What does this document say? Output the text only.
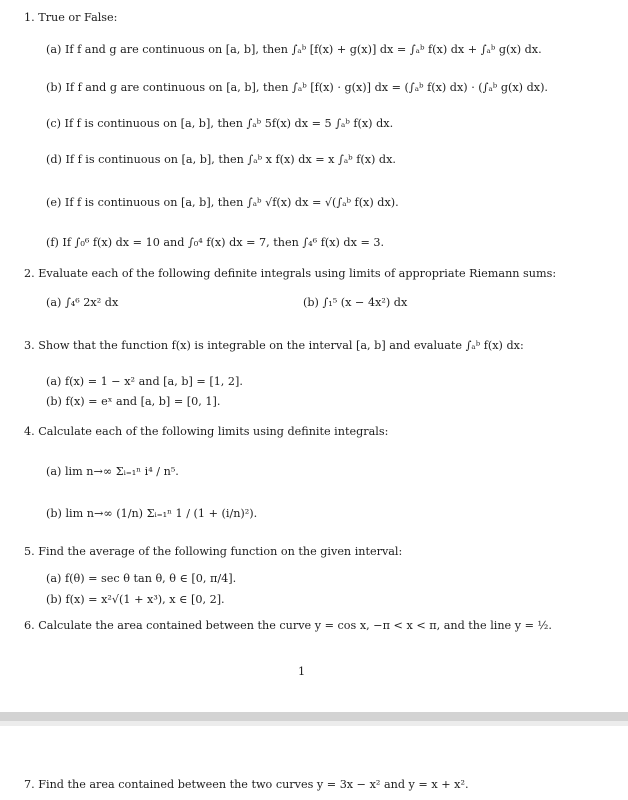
1. True or False:
(a) If f and g are continuous on [a, b], then ∫ₐᵇ [f(x) + g(x)] dx = ∫ₐᵇ f(x) dx + ∫ₐᵇ g(x) dx.
(b) If f and g are continuous on [a, b], then ∫ₐᵇ [f(x) · g(x)] dx = (∫ₐᵇ f(x) dx) · (∫ₐᵇ g(x) dx).
(c) If f is continuous on [a, b], then ∫ₐᵇ 5f(x) dx = 5 ∫ₐᵇ f(x) dx.
(d) If f is continuous on [a, b], then ∫ₐᵇ x f(x) dx = x ∫ₐᵇ f(x) dx.
(e) If f is continuous on [a, b], then ∫ₐᵇ √f(x) dx = √(∫ₐᵇ f(x) dx).
(f) If ∫₀⁶ f(x) dx = 10 and ∫₀⁴ f(x) dx = 7, then ∫₄⁶ f(x) dx = 3.
2. Evaluate each of the following definite integrals using limits of appropriate Riemann sums:
(a) ∫₄⁶ 2x² dx	(b) ∫₁⁵ (x − 4x²) dx
3. Show that the function f(x) is integrable on the interval [a, b] and evaluate ∫ₐᵇ f(x) dx:
(a) f(x) = 1 − x² and [a, b] = [1, 2].
(b) f(x) = eˣ and [a, b] = [0, 1].
4. Calculate each of the following limits using definite integrals:
(a) lim n→∞ Σᵢ₌₁ⁿ i⁴ / n⁵.
(b) lim n→∞ (1/n) Σᵢ₌₁ⁿ 1 / (1 + (i/n)²).
5. Find the average of the following function on the given interval:
(a) f(θ) = sec θ tan θ, θ ∈ [0, π/4].
(b) f(x) = x²√(1 + x³), x ∈ [0, 2].
6. Calculate the area contained between the curve y = cos x, −π < x < π, and the line y = ½.
1
7. Find the area contained between the two curves y = 3x − x² and y = x + x².
